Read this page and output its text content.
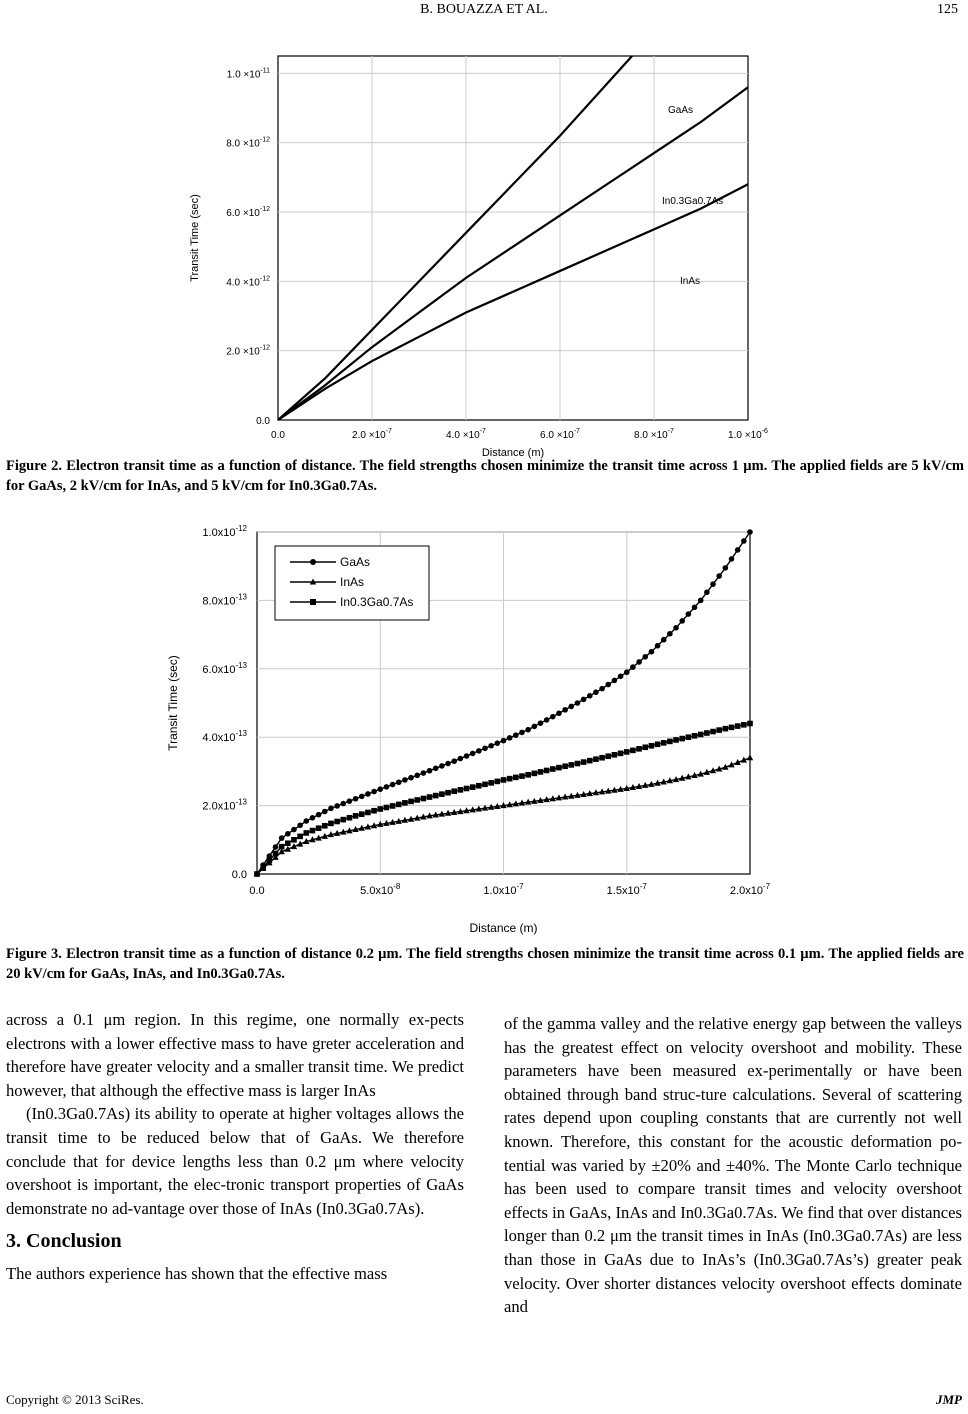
B. BOUAZZA ET AL.	125
0.0	$2.0 \times 10^{-7}$	$4.0 \times 10^{-7}$	$6.0 \times 10^{-7}$	$8.0 \times 10^{-7}$	$1.0 \times 10^{-6}$
0.0
$2.0 \times 10^{-12}$
$4.0 \times 10^{-12}$
$6.0 \times 10^{-12}$
$8.0 \times 10^{-12}$
$1.0 \times 10^{-11}$
Distance (m)
Transit Time (sec)
GaAs
In0.3Ga0.7As
InAs
Figure 2. Electron transit time as a function of distance. The field strengths chosen minimize the transit time across 1 µm. The applied fields are 5 kV/cm for GaAs, 2 kV/cm for InAs, and 5 kV/cm for In0.3Ga0.7As.
0.0	$5.0x10^{-8}$	$1.0x10^{-7}$	$1.5x10^{-7}$	$2.0x10^{-7}$
0.0
$2.0x10^{-13}$
$4.0x10^{-13}$
$6.0x10^{-13}$
$8.0x10^{-13}$
$1.0x10^{-12}$
Distance (m)
Transit Time (sec)
GaAs
InAs
In0.3Ga0.7As
Figure 3. Electron transit time as a function of distance 0.2 µm. The field strengths chosen minimize the transit time across 0.1 µm. The applied fields are 20 kV/cm for GaAs, InAs, and In0.3Ga0.7As.

across a 0.1 μm region. In this regime, one normally ex-pects electrons with a lower effective mass to have greter acceleration and therefore have greater velocity and a smaller transit time. We predict however, that although the effective mass is larger InAs

(In0.3Ga0.7As) its ability to operate at higher voltages allows the transit time to be reduced below that of GaAs. We therefore conclude that for device lengths less than 0.2 μm where velocity overshoot is important, the elec-tronic transport properties of GaAs demonstrate no ad-vantage over those of InAs (In0.3Ga0.7As).

3. Conclusion

The authors experience has shown that the effective mass

of the gamma valley and the relative energy gap between the valleys has the greatest effect on velocity overshoot and mobility. These parameters have been measured ex-perimentally or have been obtained through band struc-ture calculations. Several of scattering rates depend upon coupling constants that are currently not well known. Therefore, this constant for the acoustic deformation po-tential was varied by ±20% and ±40%. The Monte Carlo technique has been used to compare transit times and velocity overshoot effects in GaAs, InAs and In0.3Ga0.7As. We find that over distances longer than 0.2 μm the transit times in InAs (In0.3Ga0.7As) are less than those in GaAs due to InAs’s (In0.3Ga0.7As’s) greater peak velocity. Over shorter distances velocity overshoot effects dominate and

Copyright © 2013 SciRes.	JMP
